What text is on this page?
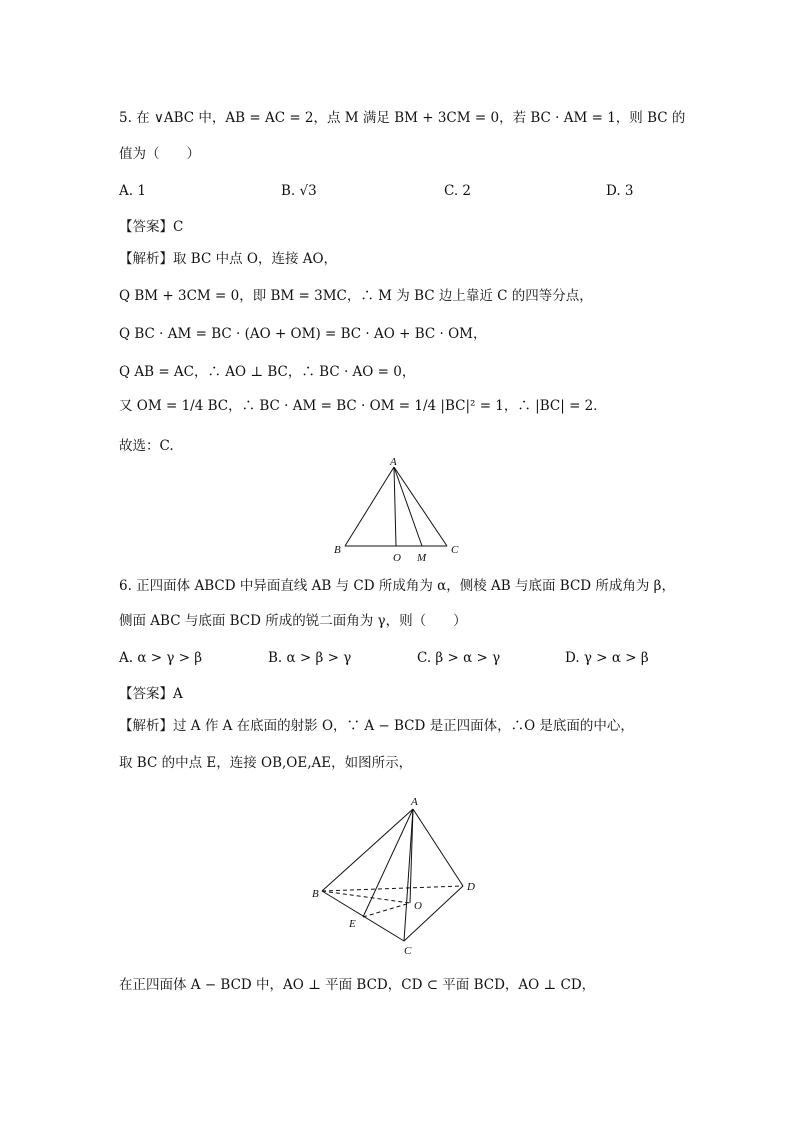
5. 在 ∨ABC 中，AB = AC = 2，点 M 满足 BM + 3CM = 0，若 BC · AM = 1，则 BC 的
值为（　　）
A. 1	B. √3	C. 2	D. 3
【答案】C
【解析】取 BC 中点 O，连接 AO，
Q BM + 3CM = 0，即 BM = 3MC，∴ M 为 BC 边上靠近 C 的四等分点，
Q BC · AM = BC · (AO + OM) = BC · AO + BC · OM，
Q AB = AC，∴ AO ⊥ BC，∴ BC · AO = 0，
又 OM = 1/4 BC，∴ BC · AM = BC · OM = 1/4 |BC|² = 1，∴ |BC| = 2．
故选：C.
A
B
O M
C
6. 正四面体 ABCD 中异面直线 AB 与 CD 所成角为 α，侧棱 AB 与底面 BCD 所成角为 β，
侧面 ABC 与底面 BCD 所成的锐二面角为 γ，则（　　）
A. α > γ > β	B. α > β > γ	C. β > α > γ	D. γ > α > β
【答案】A
【解析】过 A 作 A 在底面的射影 O，∵ A − BCD 是正四面体，∴O 是底面的中心，
取 BC 的中点 E，连接 OB,OE,AE，如图所示，
A
B
D
O
E
C
在正四面体 A − BCD 中，AO ⊥ 平面 BCD，CD ⊂ 平面 BCD，AO ⊥ CD，
